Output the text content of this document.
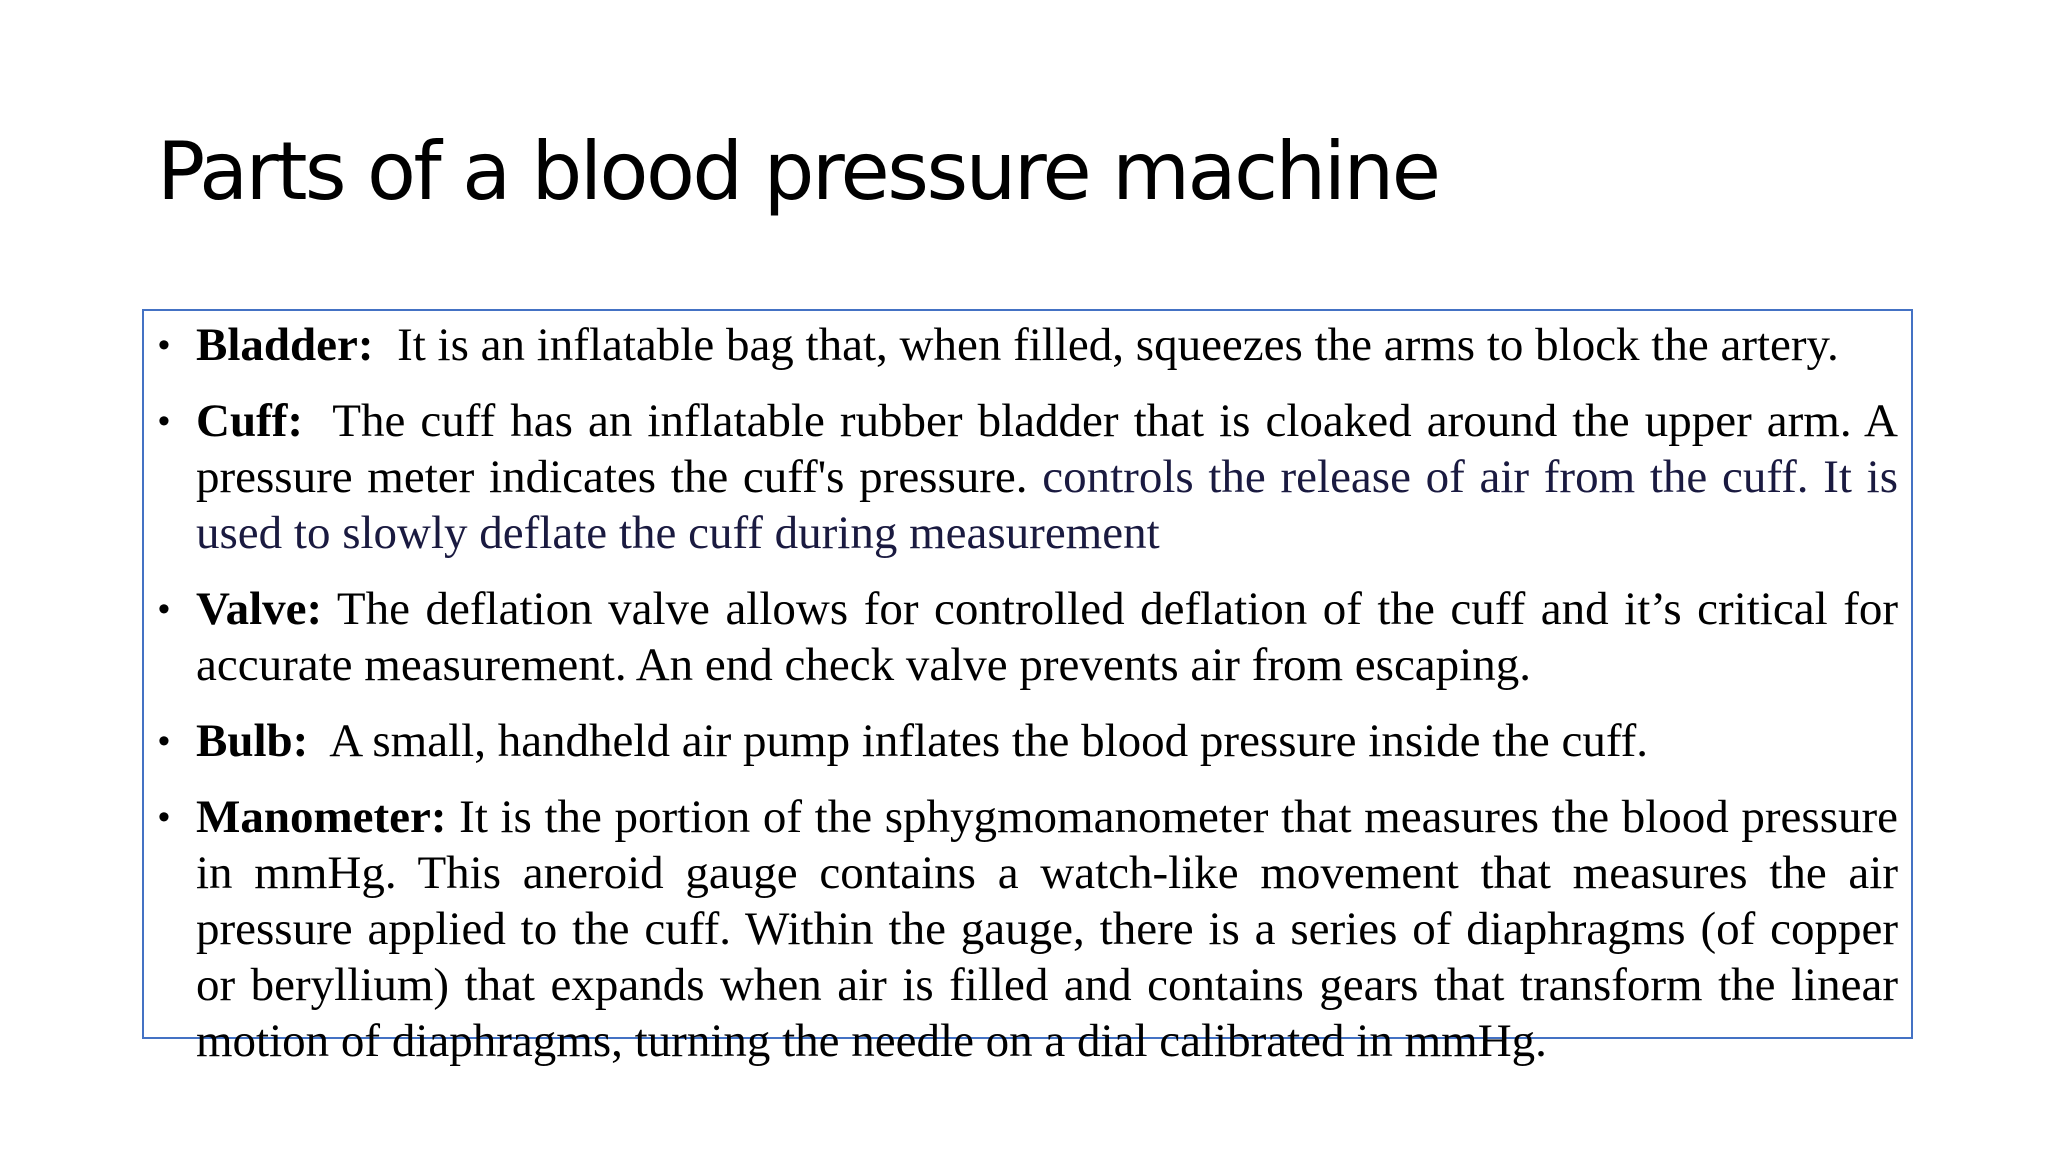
Parts of a blood pressure machine
• Bladder: It is an inflatable bag that, when filled, squeezes the arms to block the artery.
• Cuff: The cuff has an inflatable rubber bladder that is cloaked around the upper arm. A pressure meter indicates the cuff's pressure. controls the release of air from the cuff. It is used to slowly deflate the cuff during measurement
• Valve: The deflation valve allows for controlled deflation of the cuff and it’s critical for accurate measurement. An end check valve prevents air from escaping.
• Bulb: A small, handheld air pump inflates the blood pressure inside the cuff.
• Manometer: It is the portion of the sphygmomanometer that measures the blood pressure in mmHg. This aneroid gauge contains a watch-like movement that measures the air pressure applied to the cuff. Within the gauge, there is a series of diaphragms (of copper or beryllium) that expands when air is filled and contains gears that transform the linear motion of diaphragms, turning the needle on a dial calibrated in mmHg.
